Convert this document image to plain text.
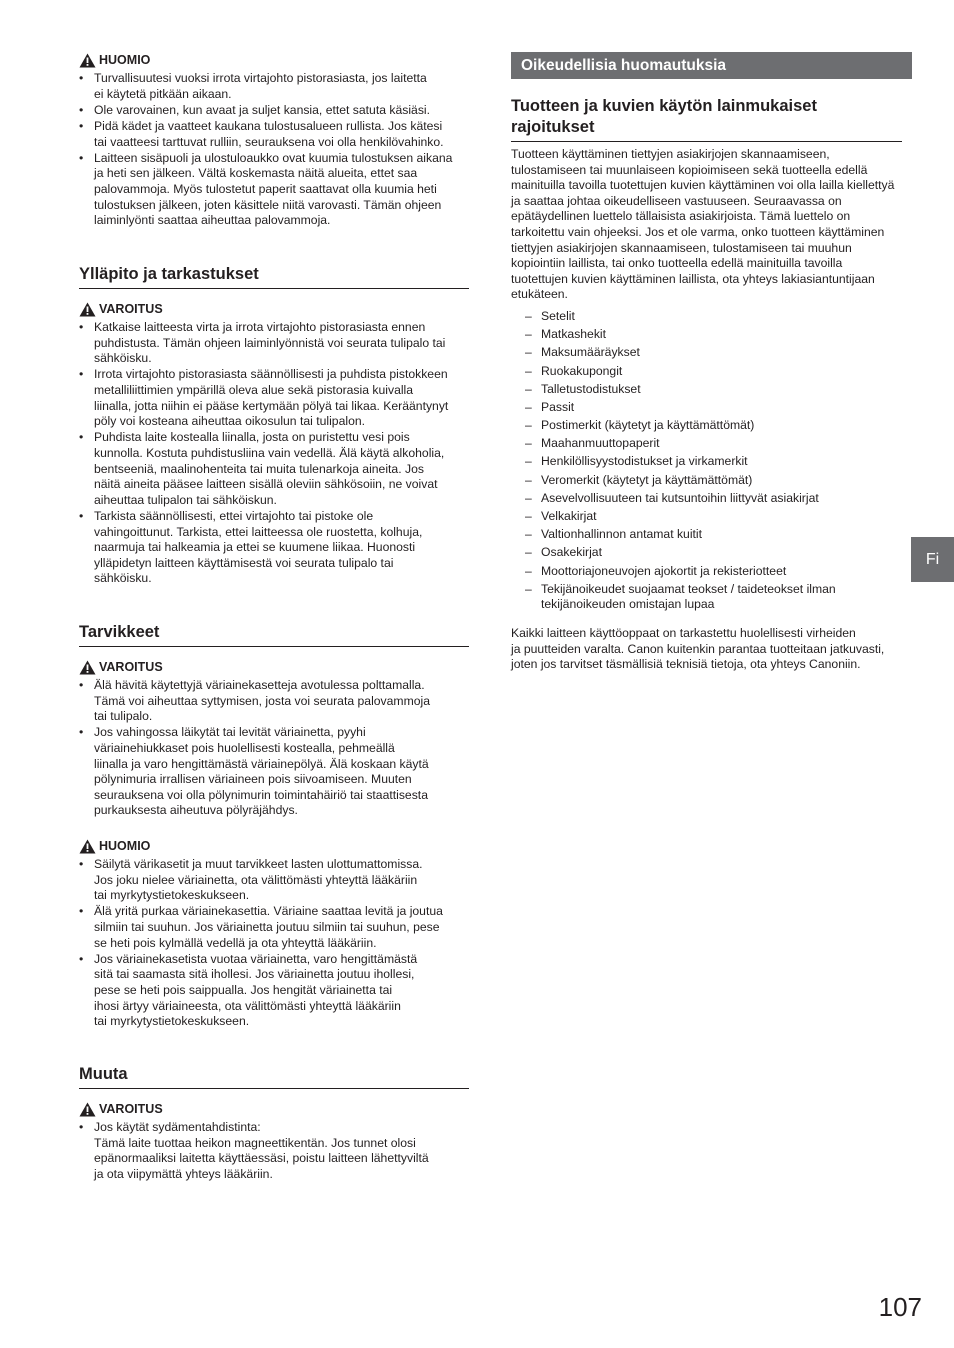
Fi
107
HUOMIO
• Turvallisuutesi vuoksi irrota virtajohto pistorasiasta, jos laitetta
ei käytetä pitkään aikaan.
• Ole varovainen, kun avaat ja suljet kansia, ettet satuta käsiäsi.
• Pidä kädet ja vaatteet kaukana tulostusalueen rullista. Jos kätesi
tai vaatteesi tarttuvat rulliin, seurauksena voi olla henkilövahinko.
• Laitteen sisäpuoli ja ulostuloaukko ovat kuumia tulostuksen aikana
ja heti sen jälkeen. Vältä koskemasta näitä alueita, ettet saa
palovammoja. Myös tulostetut paperit saattavat olla kuumia heti
tulostuksen jälkeen, joten käsittele niitä varovasti. Tämän ohjeen
laiminlyönti saattaa aiheuttaa palovammoja.
Ylläpito ja tarkastukset
VAROITUS
• Katkaise laitteesta virta ja irrota virtajohto pistorasiasta ennen
puhdistusta. Tämän ohjeen laiminlyönnistä voi seurata tulipalo tai
sähköisku.
• Irrota virtajohto pistorasiasta säännöllisesti ja puhdista pistokkeen
metalliliittimien ympärillä oleva alue sekä pistorasia kuivalla
liinalla, jotta niihin ei pääse kertymään pölyä tai likaa. Kerääntynyt
pöly voi kosteana aiheuttaa oikosulun tai tulipalon.
• Puhdista laite kostealla liinalla, josta on puristettu vesi pois
kunnolla. Kostuta puhdistusliina vain vedellä. Älä käytä alkoholia,
bentseeniä, maalinohenteita tai muita tulenarkoja aineita. Jos
näitä aineita pääsee laitteen sisällä oleviin sähkösoiin, ne voivat
aiheuttaa tulipalon tai sähköiskun.
• Tarkista säännöllisesti, ettei virtajohto tai pistoke ole
vahingoittunut. Tarkista, ettei laitteessa ole ruostetta, kolhuja,
naarmuja tai halkeamia ja ettei se kuumene liikaa. Huonosti
ylläpidetyn laitteen käyttämisestä voi seurata tulipalo tai
sähköisku.
Tarvikkeet
VAROITUS
• Älä hävitä käytettyjä väriainekasetteja avotulessa polttamalla.
Tämä voi aiheuttaa syttymisen, josta voi seurata palovammoja
tai tulipalo.
• Jos vahingossa läikytät tai levität väriainetta, pyyhi
väriainehiukkaset pois huolellisesti kostealla, pehmeällä
liinalla ja varo hengittämästä väriainepölyä. Älä koskaan käytä
pölynimuria irrallisen väriaineen pois siivoamiseen. Muuten
seurauksena voi olla pölynimurin toimintahäiriö tai staattisesta
purkauksesta aiheutuva pölyräjähdys.
HUOMIO
• Säilytä värikasetit ja muut tarvikkeet lasten ulottumattomissa.
Jos joku nielee väriainetta, ota välittömästi yhteyttä lääkäriin
tai myrkytystietokeskukseen.
• Älä yritä purkaa väriainekasettia. Väriaine saattaa levitä ja joutua
silmiin tai suuhun. Jos väriainetta joutuu silmiin tai suuhun, pese
se heti pois kylmällä vedellä ja ota yhteyttä lääkäriin.
• Jos väriainekasetista vuotaa väriainetta, varo hengittämästä
sitä tai saamasta sitä ihollesi. Jos väriainetta joutuu ihollesi,
pese se heti pois saippualla. Jos hengität väriainetta tai
ihosi ärtyy väriaineesta, ota välittömästi yhteyttä lääkäriin
tai myrkytystietokeskukseen.
Muuta
VAROITUS
• Jos käytät sydämentahdistinta:
Tämä laite tuottaa heikon magneettikentän. Jos tunnet olosi
epänormaaliksi laitetta käyttäessäsi, poistu laitteen lähettyviltä
ja ota viipymättä yhteys lääkäriin.
Oikeudellisia huomautuksia
Tuotteen ja kuvien käytön lainmukaiset rajoitukset

Tuotteen käyttäminen tiettyjen asiakirjojen skannaamiseen, tulostamiseen tai muunlaiseen kopioimiseen sekä tuotteella edellä mainituilla tavoilla tuotettujen kuvien käyttäminen voi olla lailla kiellettyä ja saattaa johtaa oikeudelliseen vastuuseen. Seuraavassa on epätäydellinen luettelo tällaisista asiakirjoista. Tämä luettelo on tarkoitettu vain ohjeeksi. Jos et ole varma, onko tuotteen käyttäminen tiettyjen asiakirjojen skannaamiseen, tulostamiseen tai muuhun kopiointiin laillista, tai onko tuotteella edellä mainituilla tavoilla tuotettujen kuvien käyttäminen laillista, ota yhteys lakiasiantuntijaan etukäteen.

– Setelit
– Matkashekit
– Maksumääräykset
– Ruokakupongit
– Talletustodistukset
– Passit
– Postimerkit (käytetyt ja käyttämättömät)
– Maahanmuuttopaperit
– Henkilöllisyystodistukset ja virkamerkit
– Veromerkit (käytetyt ja käyttämättömät)
– Asevelvollisuuteen tai kutsuntoihin liittyvät asiakirjat
– Velkakirjat
– Valtionhallinnon antamat kuitit
– Osakekirjat
– Moottoriajoneuvojen ajokortit ja rekisteriotteet
– Tekijänoikeudet suojaamat teokset / taideteokset ilman
tekijänoikeuden omistajan lupaa

Kaikki laitteen käyttöoppaat on tarkastettu huolellisesti virheiden
ja puutteiden varalta. Canon kuitenkin parantaa tuotteitaan jatkuvasti,
joten jos tarvitset täsmällisiä teknisiä tietoja, ota yhteys Canoniin.
